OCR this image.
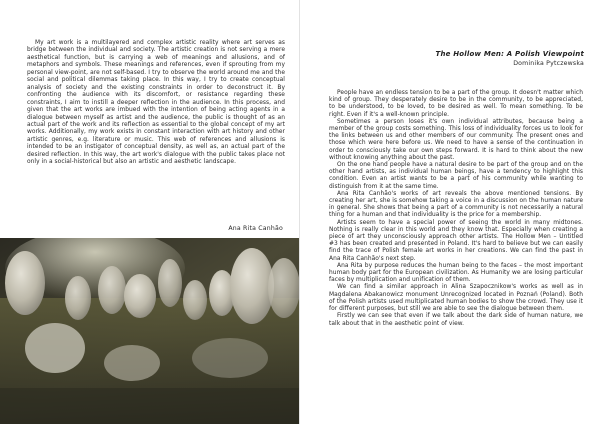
My art work is a multilayered and complex artistic reality where art serves as bridge between the individual and society. The artistic creation is not serving a mere aesthetical function, but is carrying a web of meanings and allusions, and of metaphors and symbols. These meanings and references, even if sprouting from my personal view-point, are not self-based. I try to observe the world around me and the social and political dilemmas taking place. In this way, I try to create conceptual analysis of society and the existing constraints in order to deconstruct it. By confronting the audience with its discomfort, or resistance regarding these constraints, I aim to instill a deeper reflection in the audience. In this process, and given that the art works are imbued with the intention of being acting agents in a dialogue between myself as artist and the audience, the public is thought of as an actual part of the work and its reflection as essential to the global concept of my art works. Additionally, my work exists in constant interaction with art history and other artistic genres, e.g. literature or music. This web of references and allusions is intended to be an instigator of conceptual density, as well as, an actual part of the desired reflection. In this way, the art work's dialogue with the public takes place not only in a social-historical but also an artistic and aesthetic landscape.

Ana Rita Canhão
The Hollow Men: A Polish Viewpoint
Dominika Pytczewska

People have an endless tension to be a part of the group. It doesn't matter which kind of group. They desperately desire to be in the community, to be appreciated, to be understood, to be loved, to be desired as well. To mean something. To be right. Even if it's a well-known principle.

Sometimes a person loses it's own individual attributes, because being a member of the group costs something. This loss of individuality forces us to look for the links between us and other members of our community. The present ones and those which were here before us. We need to have a sense of the continuation in order to consciously take our own steps forward. It is hard to think about the new without knowing anything about the past.

On the one hand people have a natural desire to be part of the group and on the other hand artists, as individual human beings, have a tendency to highlight this condition. Even an artist wants to be a part of his community while wanting to distinguish from it at the same time.

Ana Rita Canhão's works of art reveals the above mentioned tensions. By creating her art, she is somehow taking a voice in a discussion on the human nature in general. She shows that being a part of a community is not necessarily a natural thing for a human and that individuality is the price for a membership.

Artists seem to have a special power of seeing the world in many midtones. Nothing is really clear in this world and they know that. Especially when creating a piece of art they unconsciously approach other artists. The Hollow Men – Untitled #3 has been created and presented in Poland. It's hard to believe but we can easily find the trace of Polish female art works in her creations. We can find the past in Ana Rita Canhão's next step.

Ana Rita by purpose reduces the human being to the faces – the most important human body part for the European civilization. As Humanity we are losing particular faces by multiplication and unification of them.

We can find a similar approach in Alina Szapocznikow's works as well as in Magdalena Abakanowicz monument Unrecognized located in Poznań (Poland). Both of the Polish artists used multiplicated human bodies to show the crowd. They use it for different purposes, but still we are able to see the dialogue between them.

Firstly we can see that even if we talk about the dark side of human nature, we talk about that in the aesthetic point of view.
